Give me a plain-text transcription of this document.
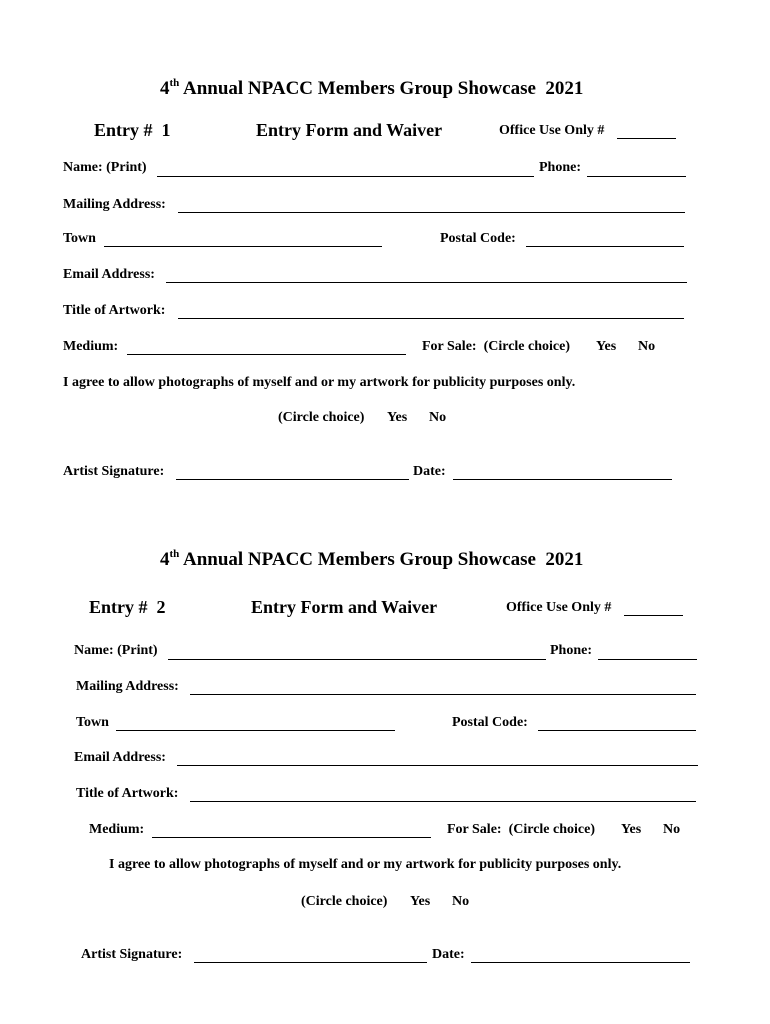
4th Annual NPACC Members Group Showcase  2021
Entry #  1	Entry Form and Waiver	Office Use Only #
Name: (Print)	Phone:
Mailing Address:
Town	Postal Code:
Email Address:
Title of Artwork:
Medium:	For Sale:  (Circle choice) Yes No
I agree to allow photographs of myself and or my artwork for publicity purposes only.
(Circle choice) Yes No
Artist Signature:	Date:
4th Annual NPACC Members Group Showcase  2021
Entry #  2	Entry Form and Waiver	Office Use Only #
Name: (Print)	Phone:
Mailing Address:
Town	Postal Code:
Email Address:
Title of Artwork:
Medium:	For Sale:  (Circle choice) Yes No
I agree to allow photographs of myself and or my artwork for publicity purposes only.
(Circle choice) Yes No
Artist Signature:	Date:
